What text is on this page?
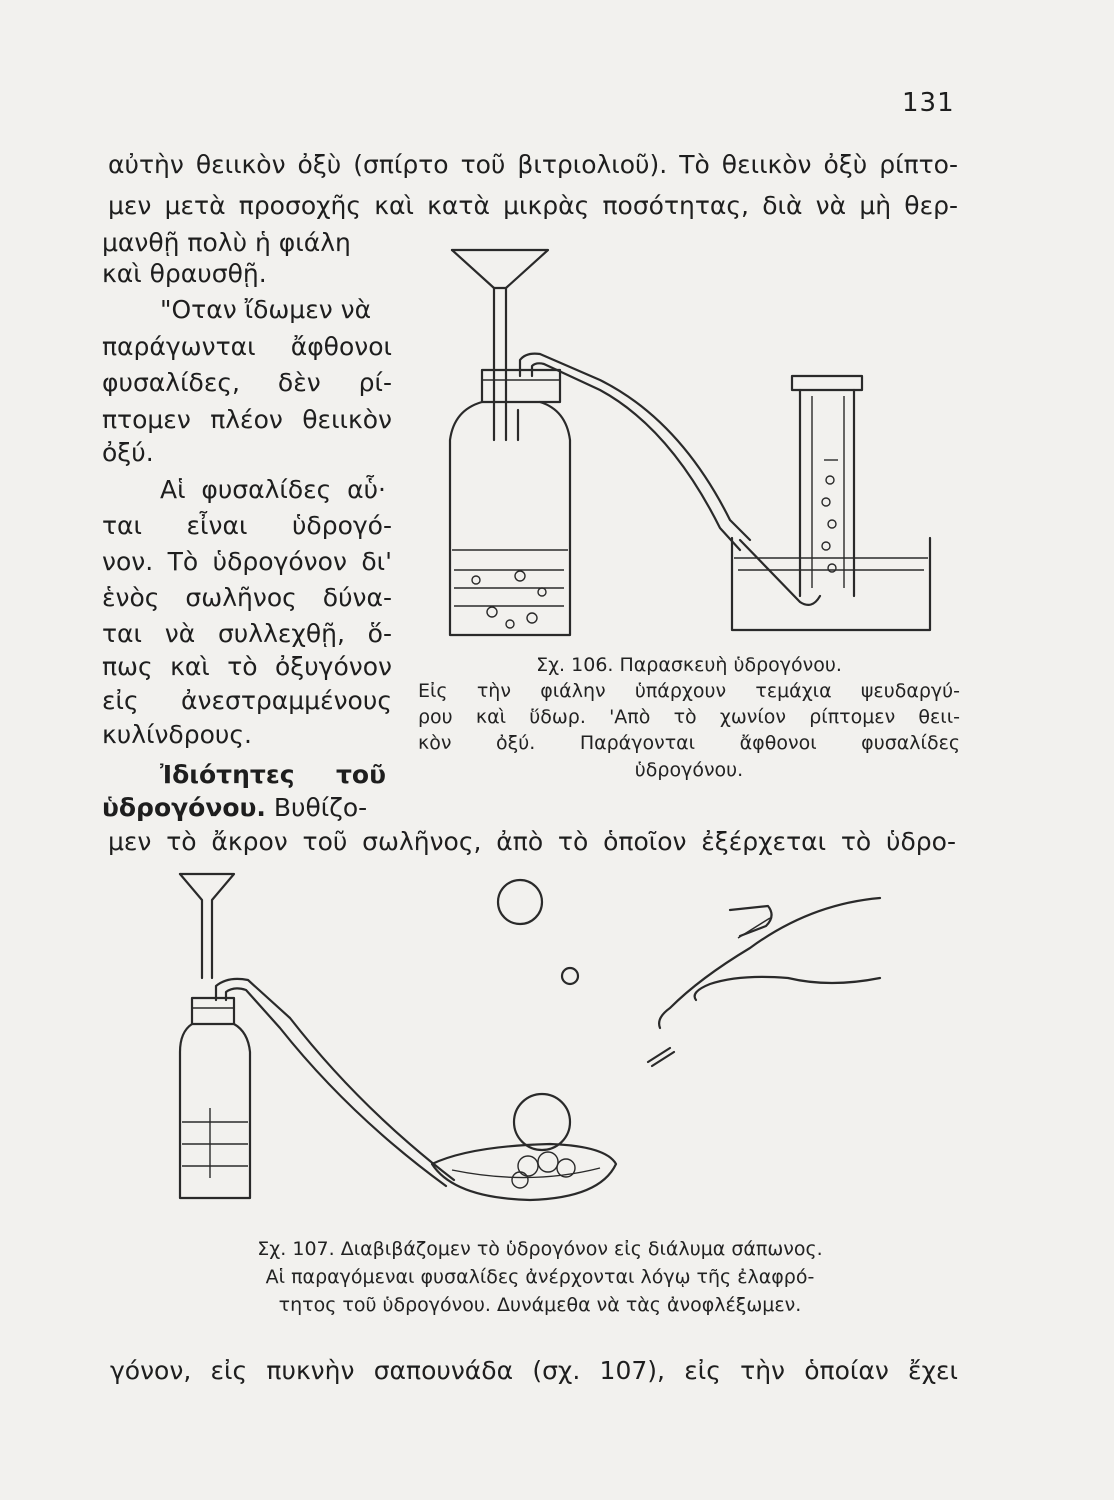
131
αὐτὴν θειικὸν ὀξὺ (σπίρτο τοῦ βιτριολιοῦ). Τὸ θειικὸν ὀξὺ ρίπτο-
μεν μετὰ προσοχῆς καὶ κατὰ μικρὰς ποσότητας, διὰ νὰ μὴ θερ-
μανθῇ πολὺ ἡ φιάλη
καὶ θραυσθῇ.
"Οταν ἴδωμεν νὰ
παράγωνται ἄφθονοι
φυσαλίδες, δὲν ρί-
πτομεν πλέον θειικὸν
ὀξύ.
Αἱ φυσαλίδες αὗ·
ται εἶναι ὑδρογό-
νον. Τὸ ὑδρογόνον δι'
ἑνὸς σωλῆνος δύνα-
ται νὰ συλλεχθῇ, ὅ-
πως καὶ τὸ ὀξυγόνον
εἰς ἀνεστραμμένους
κυλίνδρους.
Ἰδιότητες τοῦ
ὑδρογόνου. Βυθίζο-
μεν τὸ ἄκρον τοῦ σωλῆνος, ἀπὸ τὸ ὁποῖον ἐξέρχεται τὸ ὑδρο-
Σχ. 106. Παρασκευὴ ὑδρογόνου.
Εἰς τὴν φιάλην ὑπάρχουν τεμάχια ψευδαργύ-
ρου καὶ ὕδωρ. 'Απὸ τὸ χωνίον ρίπτομεν θειι-
κὸν ὀξύ. Παράγονται ἄφθονοι φυσαλίδες
ὑδρογόνου.
Σχ. 107. Διαβιβάζομεν τὸ ὑδρογόνον εἰς διάλυμα σάπωνος.
Αἱ παραγόμεναι φυσαλίδες ἀνέρχονται λόγῳ τῆς ἐλαφρό-
τητος τοῦ ὑδρογόνου. Δυνάμεθα νὰ τὰς ἀνοφλέξωμεν.
γόνον, εἰς πυκνὴν σαπουνάδα (σχ. 107), εἰς τὴν ὁποίαν ἔχει
